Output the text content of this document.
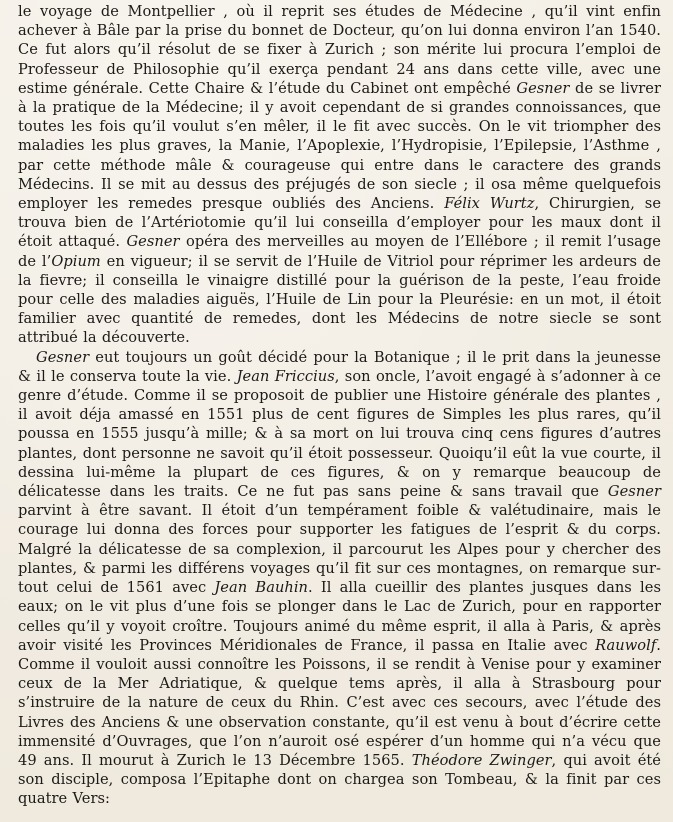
le voyage de Montpellier , où il reprit ses études de Médecine , qu’il vint enfin achever à Bâle par la prise du bonnet de Docteur, qu’on lui donna environ l’an 1540. Ce fut alors qu’il résolut de se fixer à Zurich ; son mérite lui procura l’emploi de Professeur de Philosophie qu’il exerça pendant 24 ans dans cette ville, avec une estime générale. Cette Chaire & l’étude du Cabinet ont empêché Gesner de se livrer à la pratique de la Médecine; il y avoit cependant de si grandes connoissances, que toutes les fois qu’il voulut s’en mêler, il le fit avec succès. On le vit triompher des maladies les plus graves, la Manie, l’Apoplexie, l’Hydropisie, l’Epilepsie, l’Asthme , par cette méthode mâle & courageuse qui entre dans le caractere des grands Médecins. Il se mit au dessus des préjugés de son siecle ; il osa même quelquefois employer les remedes presque oubliés des Anciens. Félix Wurtz, Chirurgien, se trouva bien de l’Artériotomie qu’il lui conseilla d’employer pour les maux dont il étoit attaqué. Gesner opéra des merveilles au moyen de l’Ellébore ; il remit l’usage de l’Opium en vigueur; il se servit de l’Huile de Vitriol pour réprimer les ardeurs de la fievre; il conseilla le vinaigre distillé pour la guérison de la peste, l’eau froide pour celle des maladies aiguës, l’Huile de Lin pour la Pleurésie: en un mot, il étoit familier avec quantité de remedes, dont les Médecins de notre siecle se sont attribué la découverte.

Gesner eut toujours un goût décidé pour la Botanique ; il le prit dans la jeunesse & il le conserva toute la vie. Jean Friccius, son oncle, l’avoit engagé à s’adonner à ce genre d’étude. Comme il se proposoit de publier une Histoire générale des plantes , il avoit déja amassé en 1551 plus de cent figures de Simples les plus rares, qu’il poussa en 1555 jusqu’à mille; & à sa mort on lui trouva cinq cens figures d’autres plantes, dont personne ne savoit qu’il étoit possesseur. Quoiqu’il eût la vue courte, il dessina lui-même la plupart de ces figures, & on y remarque beaucoup de délicatesse dans les traits. Ce ne fut pas sans peine & sans travail que Gesner parvint à être savant. Il étoit d’un tempérament foible & valétudinaire, mais le courage lui donna des forces pour supporter les fatigues de l’esprit & du corps. Malgré la délicatesse de sa complexion, il parcourut les Alpes pour y chercher des plantes, & parmi les différens voyages qu’il fit sur ces montagnes, on remarque sur-tout celui de 1561 avec Jean Bauhin. Il alla cueillir des plantes jusques dans les eaux; on le vit plus d’une fois se plonger dans le Lac de Zurich, pour en rapporter celles qu’il y voyoit croître. Toujours animé du même esprit, il alla à Paris, & après avoir visité les Provinces Méridionales de France, il passa en Italie avec Rauwolf. Comme il vouloit aussi connoître les Poissons, il se rendit à Venise pour y examiner ceux de la Mer Adriatique, & quelque tems après, il alla à Strasbourg pour s’instruire de la nature de ceux du Rhin. C’est avec ces secours, avec l’étude des Livres des Anciens & une observation constante, qu’il est venu à bout d’écrire cette immensité d’Ouvrages, que l’on n’auroit osé espérer d’un homme qui n’a vécu que 49 ans. Il mourut à Zurich le 13 Décembre 1565. Théodore Zwinger, qui avoit été son disciple, composa l’Epitaphe dont on chargea son Tombeau, & la finit par ces quatre Vers:
